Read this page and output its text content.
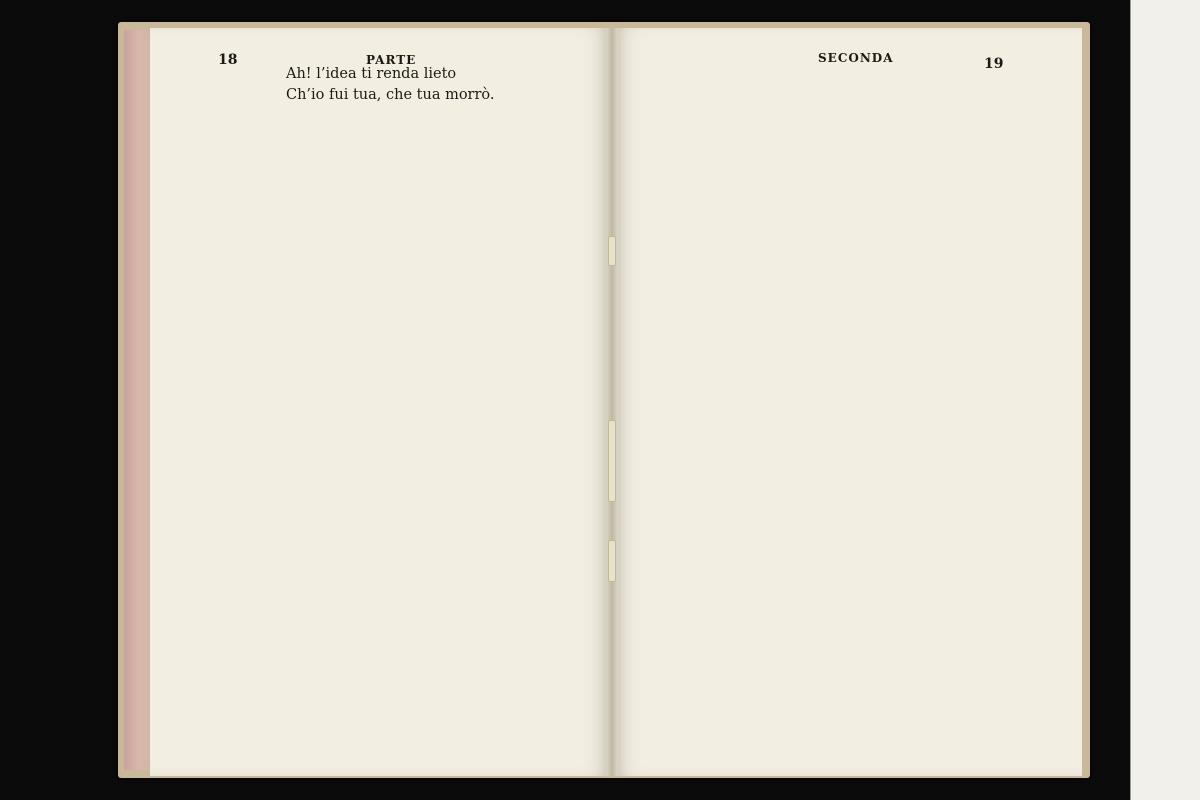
18	PARTE
Ah! l’idea ti renda lieto
Ch’io fui tua, che tua morrò.
SECONDA	19
